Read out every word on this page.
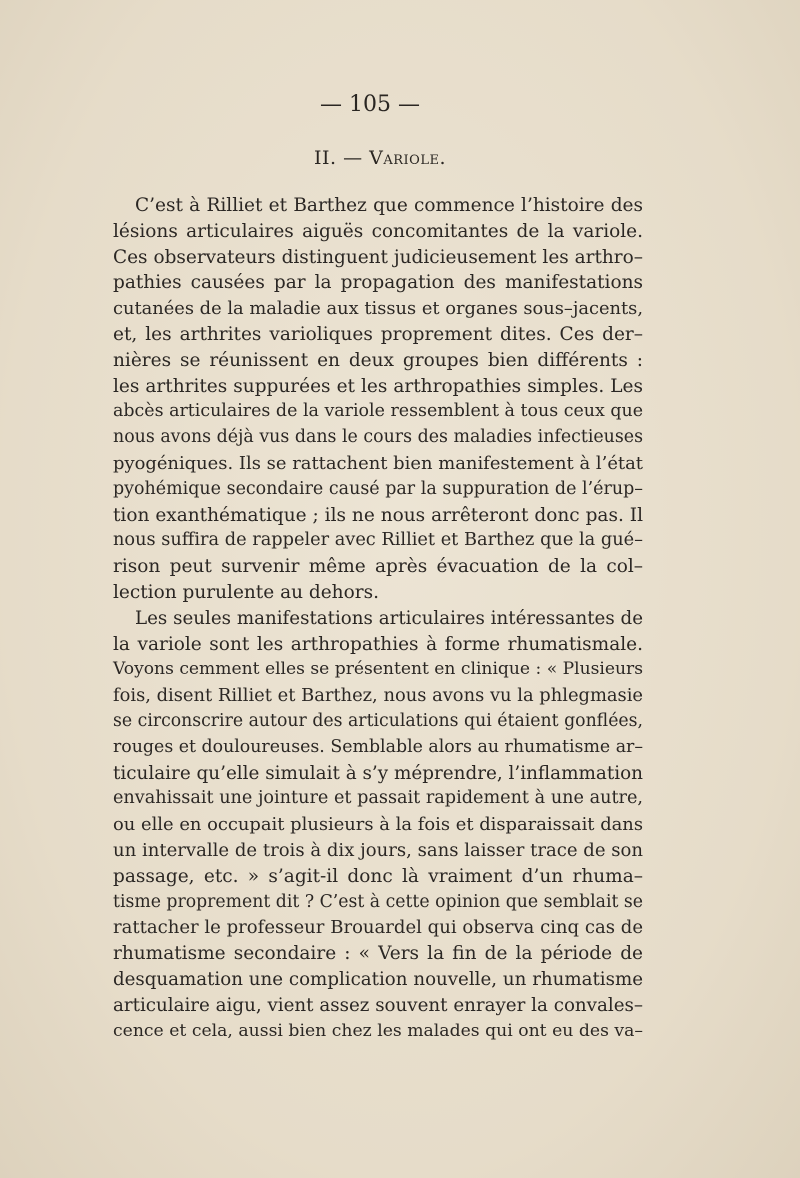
— 105 —
II. — Variole.
C’est à Rilliet et Barthez que commence l’histoire des
lésions articulaires aiguës concomitantes de la variole.
Ces observateurs distinguent judicieusement les arthro–
pathies causées par la propagation des manifestations
cutanées de la maladie aux tissus et organes sous–jacents,
et, les arthrites varioliques proprement dites. Ces der–
nières se réunissent en deux groupes bien différents :
les arthrites suppurées et les arthropathies simples. Les
abcès articulaires de la variole ressemblent à tous ceux que
nous avons déjà vus dans le cours des maladies infectieuses
pyogéniques. Ils se rattachent bien manifestement à l’état
pyohémique secondaire causé par la suppuration de l’érup–
tion exanthématique ; ils ne nous arrêteront donc pas. Il
nous suffira de rappeler avec Rilliet et Barthez que la gué–
rison peut survenir même après évacuation de la col–
lection purulente au dehors.
Les seules manifestations articulaires intéressantes de
la variole sont les arthropathies à forme rhumatismale.
Voyons cemment elles se présentent en clinique : « Plusieurs
fois, disent Rilliet et Barthez, nous avons vu la phlegmasie
se circonscrire autour des articulations qui étaient gonflées,
rouges et douloureuses. Semblable alors au rhumatisme ar–
ticulaire qu’elle simulait à s’y méprendre, l’inflammation
envahissait une jointure et passait rapidement à une autre,
ou elle en occupait plusieurs à la fois et disparaissait dans
un intervalle de trois à dix jours, sans laisser trace de son
passage, etc. » s’agit-il donc là vraiment d’un rhuma–
tisme proprement dit ? C’est à cette opinion que semblait se
rattacher le professeur Brouardel qui observa cinq cas de
rhumatisme secondaire : « Vers la fin de la période de
desquamation une complication nouvelle, un rhumatisme
articulaire aigu, vient assez souvent enrayer la convales–
cence et cela, aussi bien chez les malades qui ont eu des va–
